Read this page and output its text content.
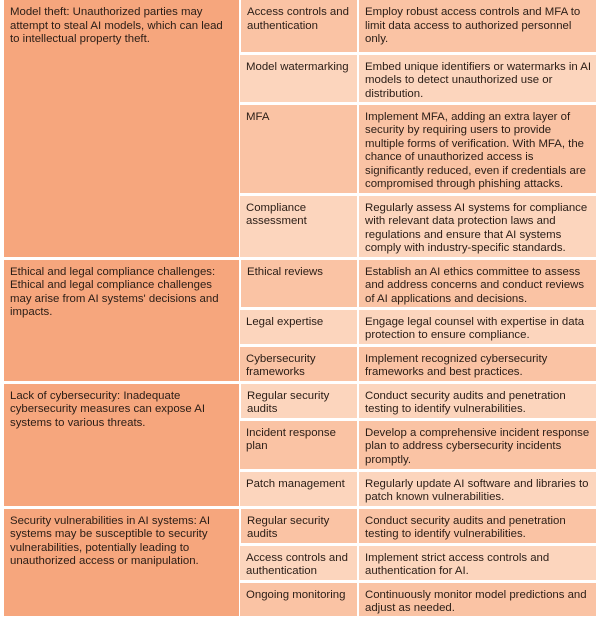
Model theft: Unauthorized parties may attempt to steal AI models, which can lead to intellectual property theft.	Access controls and authentication	Employ robust access controls and MFA to limit data access to authorized personnel only.
	Model watermarking	Embed unique identifiers or watermarks in AI models to detect unauthorized use or distribution.
	MFA	Implement MFA, adding an extra layer of security by requiring users to provide multiple forms of verification. With MFA, the chance of unauthorized access is significantly reduced, even if credentials are compromised through phishing attacks.
	Compliance assessment	Regularly assess AI systems for compliance with relevant data protection laws and regulations and ensure that AI systems comply with industry-specific standards.
Ethical and legal compliance challenges: Ethical and legal compliance challenges may arise from AI systems' decisions and impacts.	Ethical reviews	Establish an AI ethics committee to assess and address concerns and conduct reviews of AI applications and decisions.
	Legal expertise	Engage legal counsel with expertise in data protection to ensure compliance.
	Cybersecurity frameworks	Implement recognized cybersecurity frameworks and best practices.
Lack of cybersecurity: Inadequate cybersecurity measures can expose AI systems to various threats.	Regular security audits	Conduct security audits and penetration testing to identify vulnerabilities.
	Incident response plan	Develop a comprehensive incident response plan to address cybersecurity incidents promptly.
	Patch management	Regularly update AI software and libraries to patch known vulnerabilities.
Security vulnerabilities in AI systems: AI systems may be susceptible to security vulnerabilities, potentially leading to unauthorized access or manipulation.	Regular security audits	Conduct security audits and penetration testing to identify vulnerabilities.
	Access controls and authentication	Implement strict access controls and authentication for AI.
	Ongoing monitoring	Continuously monitor model predictions and adjust as needed.
